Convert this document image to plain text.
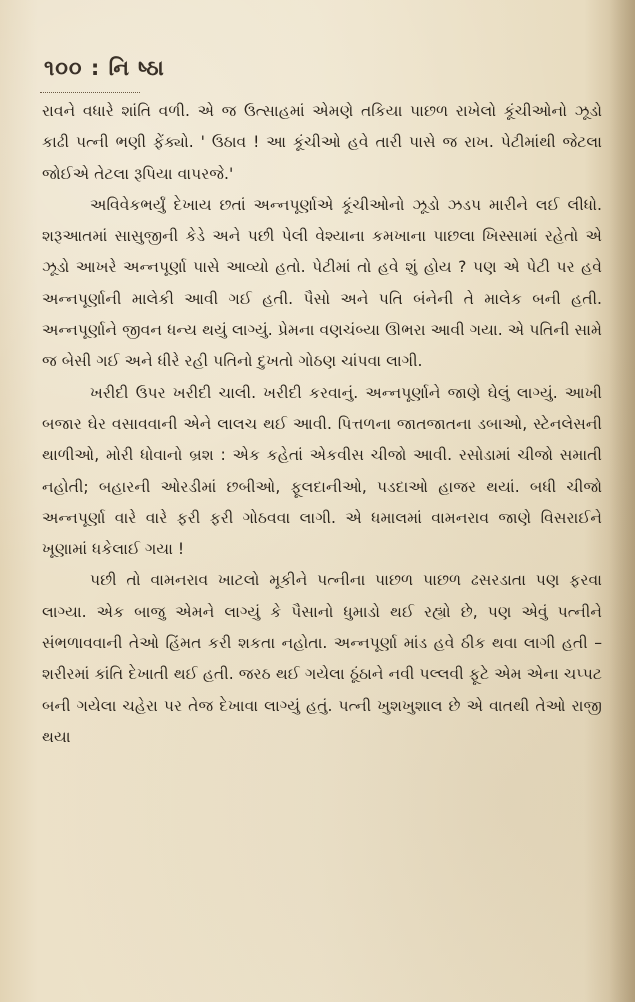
૧૦૦ : નિ ષ્ઠા

રાવને વધારે શાંતિ વળી. એ જ ઉત્સાહમાં એમણે તકિયા પાછળ રાખેલો કૂંચીઓનો ઝૂડો કાઢી પત્ની ભણી ફેંક્યો. ' ઉઠાવ ! આ કૂંચીઓ હવે તારી પાસે જ રાખ. પેટીમાંથી જેટલા જોઈએ તેટલા રૂપિયા વાપરજે.'

અવિવેકભર્યું દેખાય છતાં અન્નપૂર્ણાએ કૂંચીઓનો ઝૂડો ઝડપ મારીને લઈ લીધો. શરૂઆતમાં સાસુજીની કેડે અને પછી પેલી વેશ્યાના કમખાના પાછલા ખિસ્સામાં રહેતો એ ઝૂડો આખરે અન્નપૂર્ણા પાસે આવ્યો હતો. પેટીમાં તો હવે શું હોય ? પણ એ પેટી પર હવે અન્નપૂર્ણાની માલેકી આવી ગઈ હતી. પૈસો અને પતિ બંનેની તે માલેક બની હતી. અન્નપૂર્ણાને જીવન ધન્ય થયું લાગ્યું. પ્રેમના વણચંબ્યા ઊભરા આવી ગયા. એ પતિની સામે જ બેસી ગઈ અને ધીરે રહી પતિનો દુખતો ગોઠણ ચાંપવા લાગી.

ખરીદી ઉપર ખરીદી ચાલી. ખરીદી કરવાનું. અન્નપૂર્ણાને જાણે ઘેલું લાગ્યું. આખી બજાર ઘેર વસાવવાની એને લાલચ થઈ આવી. પિત્તળના જાતજાતના ડબાઓ, સ્ટેનલેસની થાળીઓ, મોરી ધોવાનો બ્રશ : એક કહેતાં એકવીસ ચીજો આવી. રસોડામાં ચીજો સમાતી નહોતી; બહારની ઓરડીમાં છબીઓ, ફૂલદાનીઓ, પડદાઓ હાજર થયાં. બધી ચીજો અન્નપૂર્ણા વારે વારે ફરી ફરી ગોઠવવા લાગી. એ ધમાલમાં વામનરાવ જાણે વિસરાઈને ખૂણામાં ધકેલાઈ ગયા !

પછી તો વામનરાવ ખાટલો મૂકીને પત્નીના પાછળ પાછળ ઢસરડાતા પણ ફરવા લાગ્યા. એક બાજુ એમને લાગ્યું કે પૈસાનો ધુમાડો થઈ રહ્યો છે, પણ એવું પત્નીને સંભળાવવાની તેઓ હિંમત કરી શકતા નહોતા. અન્નપૂર્ણા માંડ હવે ઠીક થવા લાગી હતી – શરીરમાં કાંતિ દેખાતી થઈ હતી. જરઠ થઈ ગયેલા ઠૂંઠાને નવી પલ્લવી ફૂટે એમ એના ચપ્પટ બની ગયેલા ચહેરા પર તેજ દેખાવા લાગ્યું હતું. પત્ની ખુશખુશાલ છે એ વાતથી તેઓ રાજી થયા
